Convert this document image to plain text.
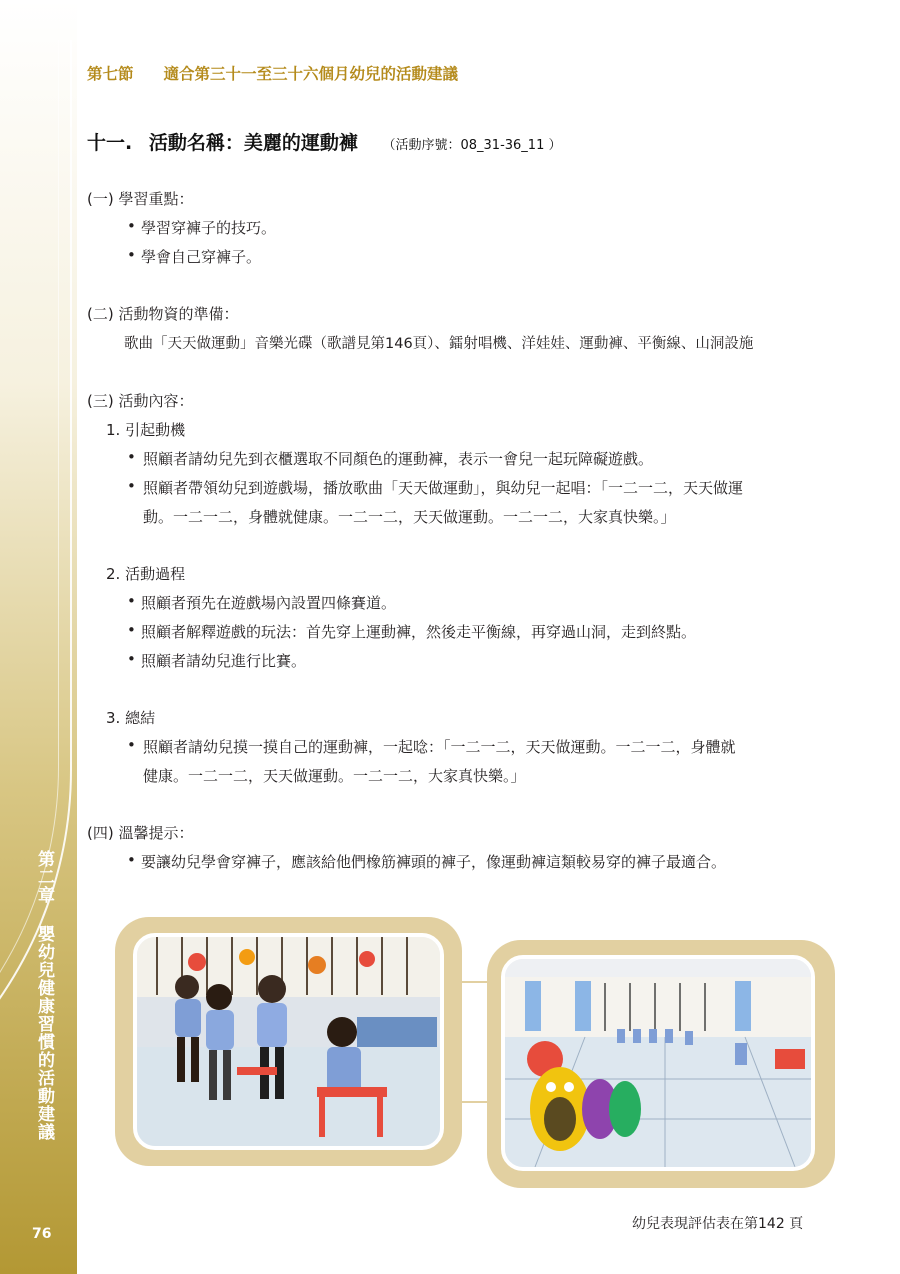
第二章 嬰幼兒健康習慣的活動建議
76
第七節 適合第三十一至三十六個月幼兒的活動建議
十一. 活動名稱：美麗的運動褲 （活動序號：08_31-36_11 ）
(一) 學習重點：
• 學習穿褲子的技巧。
• 學會自己穿褲子。
(二) 活動物資的準備：
歌曲「天天做運動」音樂光碟（歌譜見第146頁）、鐳射唱機、洋娃娃、運動褲、平衡線、山洞設施
(三) 活動內容：
1. 引起動機
• 照顧者請幼兒先到衣櫃選取不同顏色的運動褲，表示一會兒一起玩障礙遊戲。
• 照顧者帶領幼兒到遊戲場，播放歌曲「天天做運動」，與幼兒一起唱：「一二一二，天天做運
動。一二一二，身體就健康。一二一二，天天做運動。一二一二，大家真快樂。」
2. 活動過程
• 照顧者預先在遊戲場內設置四條賽道。
• 照顧者解釋遊戲的玩法：首先穿上運動褲，然後走平衡線，再穿過山洞，走到終點。
• 照顧者請幼兒進行比賽。
3. 總結
• 照顧者請幼兒摸一摸自己的運動褲，一起唸：「一二一二，天天做運動。一二一二，身體就
健康。一二一二，天天做運動。一二一二，大家真快樂。」
(四) 溫馨提示：
• 要讓幼兒學會穿褲子，應該給他們橡筋褲頭的褲子，像運動褲這類較易穿的褲子最適合。
幼兒表現評估表在第142 頁
